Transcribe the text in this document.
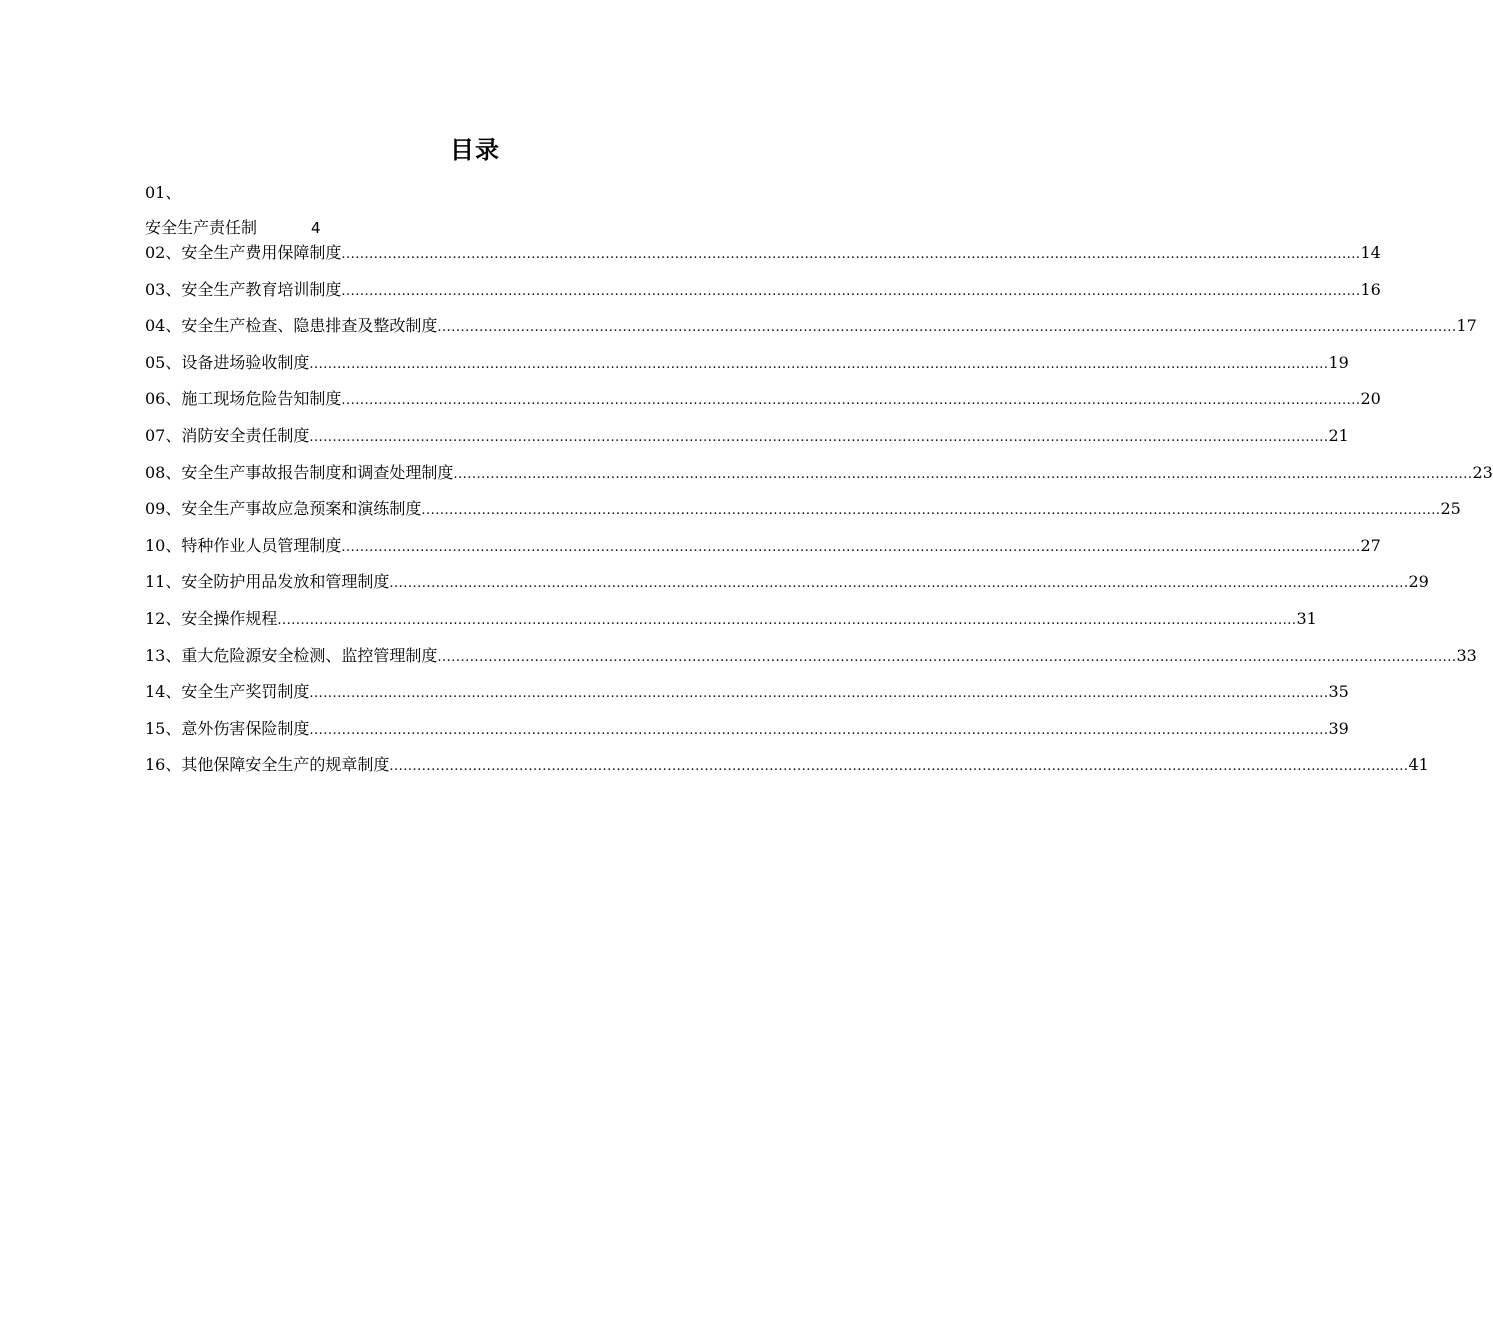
目录
01、
安全生产责任制	4
02、安全生产费用保障制度 ............................................................................................................................................................................................................................ 14
03、安全生产教育培训制度 ............................................................................................................................................................................................................................ 16
04、安全生产检查、隐患排查及整改制度 ............................................................................................................................................................................................................................ 17
05、设备进场验收制度 ............................................................................................................................................................................................................................ 19
06、施工现场危险告知制度 ............................................................................................................................................................................................................................ 20
07、消防安全责任制度 ............................................................................................................................................................................................................................ 21
08、安全生产事故报告制度和调查处理制度 ............................................................................................................................................................................................................................ 23
09、安全生产事故应急预案和演练制度 ............................................................................................................................................................................................................................ 25
10、特种作业人员管理制度 ............................................................................................................................................................................................................................ 27
11、安全防护用品发放和管理制度 ............................................................................................................................................................................................................................ 29
12、安全操作规程 ............................................................................................................................................................................................................................ 31
13、重大危险源安全检测、监控管理制度 ............................................................................................................................................................................................................................ 33
14、安全生产奖罚制度 ............................................................................................................................................................................................................................ 35
15、意外伤害保险制度 ............................................................................................................................................................................................................................ 39
16、其他保障安全生产的规章制度 ............................................................................................................................................................................................................................ 41
